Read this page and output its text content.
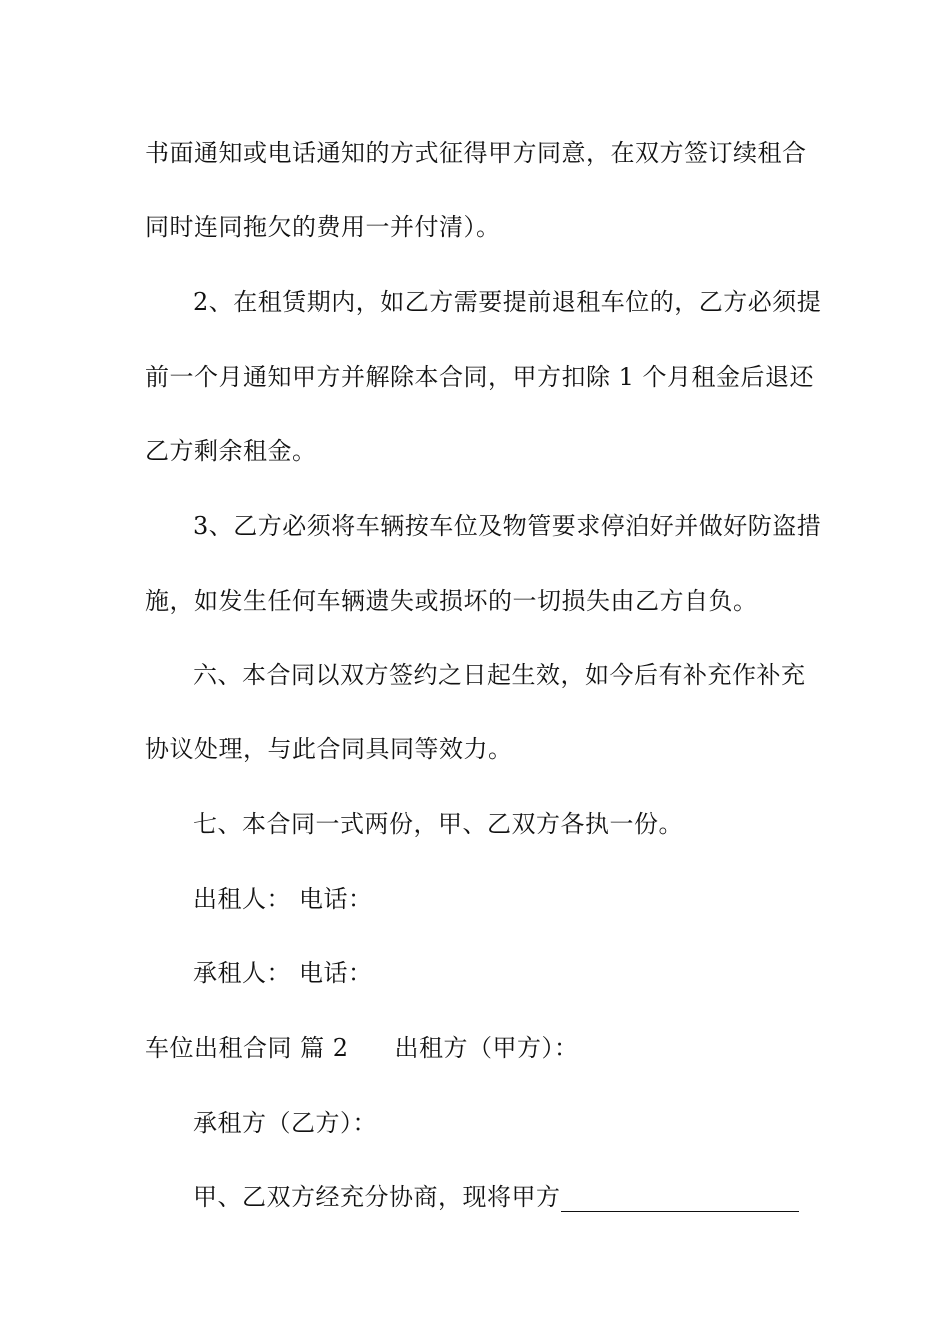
书面通知或电话通知的方式征得甲方同意，在双方签订续租合
同时连同拖欠的费用一并付清）。
2、在租赁期内，如乙方需要提前退租车位的，乙方必须提
前一个月通知甲方并解除本合同，甲方扣除 1 个月租金后退还
乙方剩余租金。
3、乙方必须将车辆按车位及物管要求停泊好并做好防盗措
施，如发生任何车辆遗失或损坏的一切损失由乙方自负。
六、本合同以双方签约之日起生效，如今后有补充作补充
协议处理，与此合同具同等效力。
七、本合同一式两份，甲、乙双方各执一份。
出租人： 电话：
承租人： 电话：
车位出租合同 篇 2 出租方（甲方）：
承租方（乙方）：
甲、乙双方经充分协商，现将甲方
